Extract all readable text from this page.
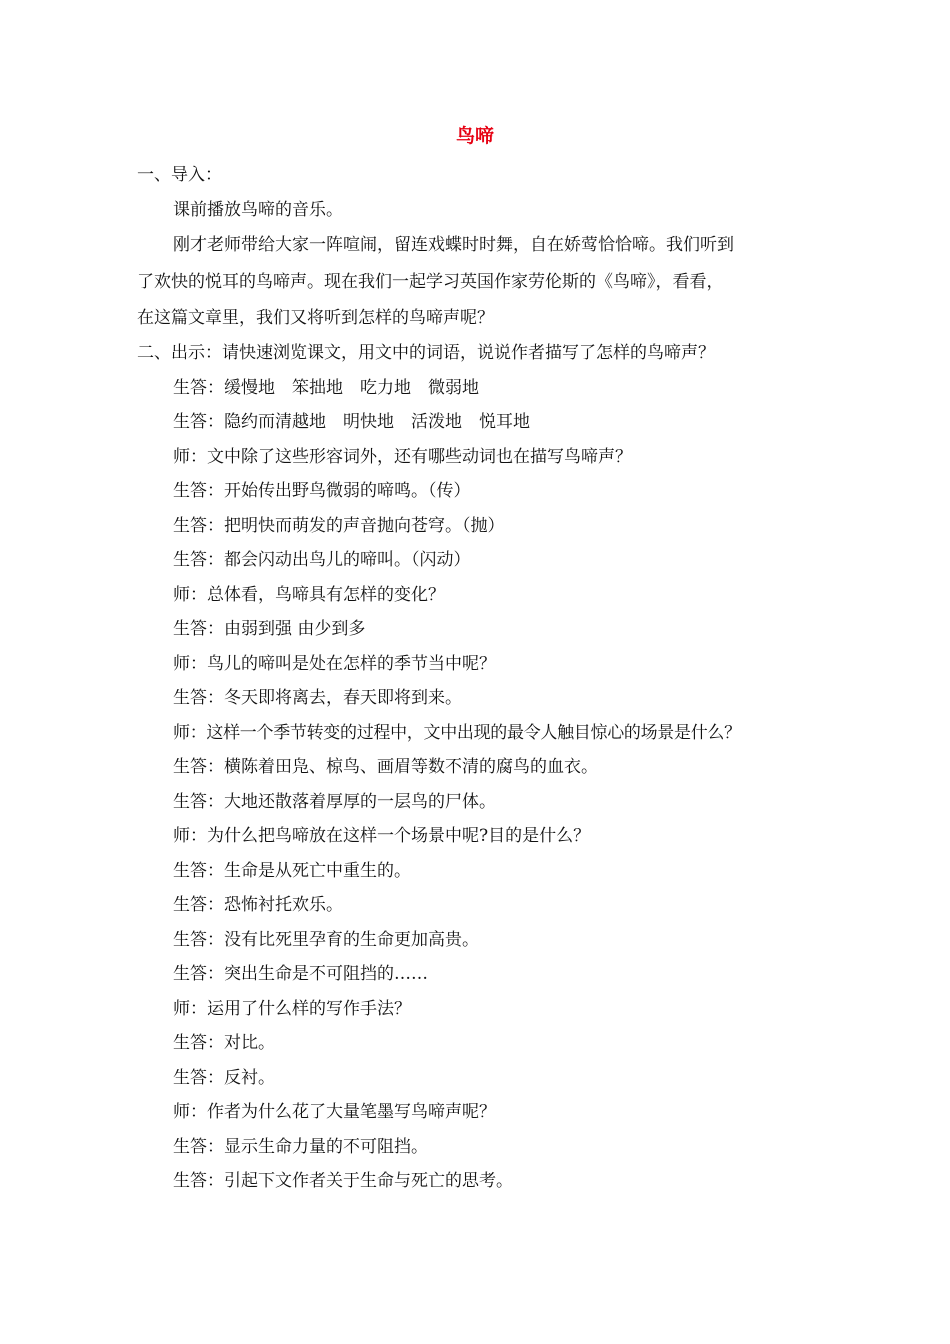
鸟啼
一、导入：
课前播放鸟啼的音乐。
刚才老师带给大家一阵喧闹，留连戏蝶时时舞，自在娇莺恰恰啼。我们听到
了欢快的悦耳的鸟啼声。现在我们一起学习英国作家劳伦斯的《鸟啼》，看看，
在这篇文章里，我们又将听到怎样的鸟啼声呢？
二、出示：请快速浏览课文，用文中的词语，说说作者描写了怎样的鸟啼声？
生答：缓慢地　笨拙地　吃力地　微弱地
生答：隐约而清越地　明快地　活泼地　悦耳地
师：文中除了这些形容词外，还有哪些动词也在描写鸟啼声？
生答：开始传出野鸟微弱的啼鸣。（传）
生答：把明快而萌发的声音抛向苍穹。（抛）
生答：都会闪动出鸟儿的啼叫。（闪动）
师：总体看，鸟啼具有怎样的变化？
生答：由弱到强 由少到多
师：鸟儿的啼叫是处在怎样的季节当中呢？
生答：冬天即将离去，春天即将到来。
师：这样一个季节转变的过程中，文中出现的最令人触目惊心的场景是什么？
生答：横陈着田凫、椋鸟、画眉等数不清的腐鸟的血衣。
生答：大地还散落着厚厚的一层鸟的尸体。
师：为什么把鸟啼放在这样一个场景中呢?目的是什么？
生答：生命是从死亡中重生的。
生答：恐怖衬托欢乐。
生答：没有比死里孕育的生命更加高贵。
生答：突出生命是不可阻挡的……
师：运用了什么样的写作手法？
生答：对比。
生答：反衬。
师：作者为什么花了大量笔墨写鸟啼声呢？
生答：显示生命力量的不可阻挡。
生答：引起下文作者关于生命与死亡的思考。
